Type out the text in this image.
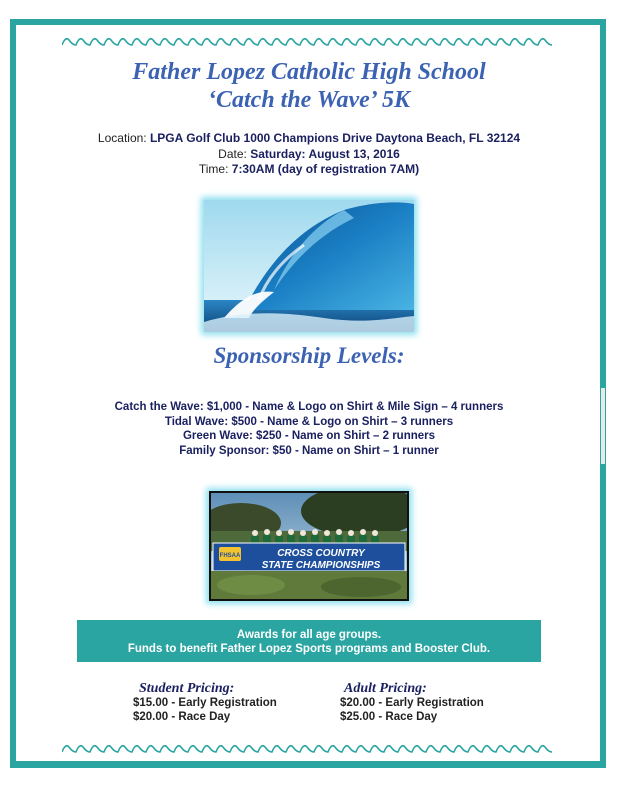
Father Lopez Catholic High School
‘Catch the Wave’ 5K
Location: LPGA Golf Club 1000 Champions Drive Daytona Beach, FL 32124
Date: Saturday: August 13, 2016
Time: 7:30AM (day of registration 7AM)
Sponsorship Levels:
Catch the Wave: $1,000 - Name & Logo on Shirt & Mile Sign – 4 runners
Tidal Wave: $500 - Name & Logo on Shirt – 3 runners
Green Wave: $250 - Name on Shirt – 2 runners
Family Sponsor: $50 - Name on Shirt – 1 runner
FHSAA	CROSS COUNTRY
STATE CHAMPIONSHIPS
Awards for all age groups.
Funds to benefit Father Lopez Sports programs and Booster Club.
Student Pricing:
$15.00 - Early Registration
$20.00 - Race Day
Adult Pricing:
$20.00 - Early Registration
$25.00 - Race Day
